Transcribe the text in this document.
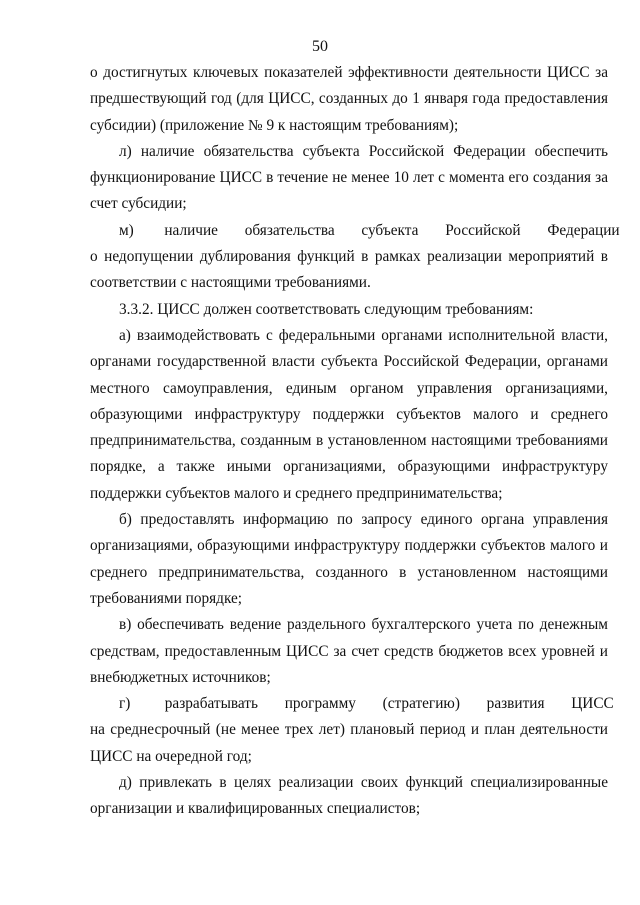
50

о достигнутых ключевых показателей эффективности деятельности ЦИСС за предшествующий год (для ЦИСС, созданных до 1 января года предоставления субсидии) (приложение № 9 к настоящим требованиям);

л) наличие обязательства субъекта Российской Федерации обеспечить функционирование ЦИСС в течение не менее 10 лет с момента его создания за счет субсидии;

м)        наличие       обязательства       субъекта       Российской       Федерации

о недопущении дублирования функций в рамках реализации мероприятий в соответствии с настоящими требованиями.

3.3.2. ЦИСС должен соответствовать следующим требованиям:

а) взаимодействовать с федеральными органами исполнительной власти, органами государственной власти субъекта Российской Федерации, органами местного самоуправления, единым органом управления организациями, образующими инфраструктуру поддержки субъектов малого и среднего предпринимательства, созданным в установленном настоящими требованиями порядке, а также иными организациями, образующими инфраструктуру поддержки субъектов малого и среднего предпринимательства;

б) предоставлять информацию по запросу единого органа управления организациями, образующими инфраструктуру поддержки субъектов малого и среднего предпринимательства, созданного в установленном настоящими требованиями порядке;

в) обеспечивать ведение раздельного бухгалтерского учета по денежным средствам, предоставленным ЦИСС за счет средств бюджетов всех уровней и внебюджетных источников;

г)         разрабатывать       программу       (стратегию)       развития       ЦИСС

на среднесрочный (не менее трех лет) плановый период и план деятельности ЦИСС на очередной год;

д) привлекать в целях реализации своих функций специализированные организации и квалифицированных специалистов;
